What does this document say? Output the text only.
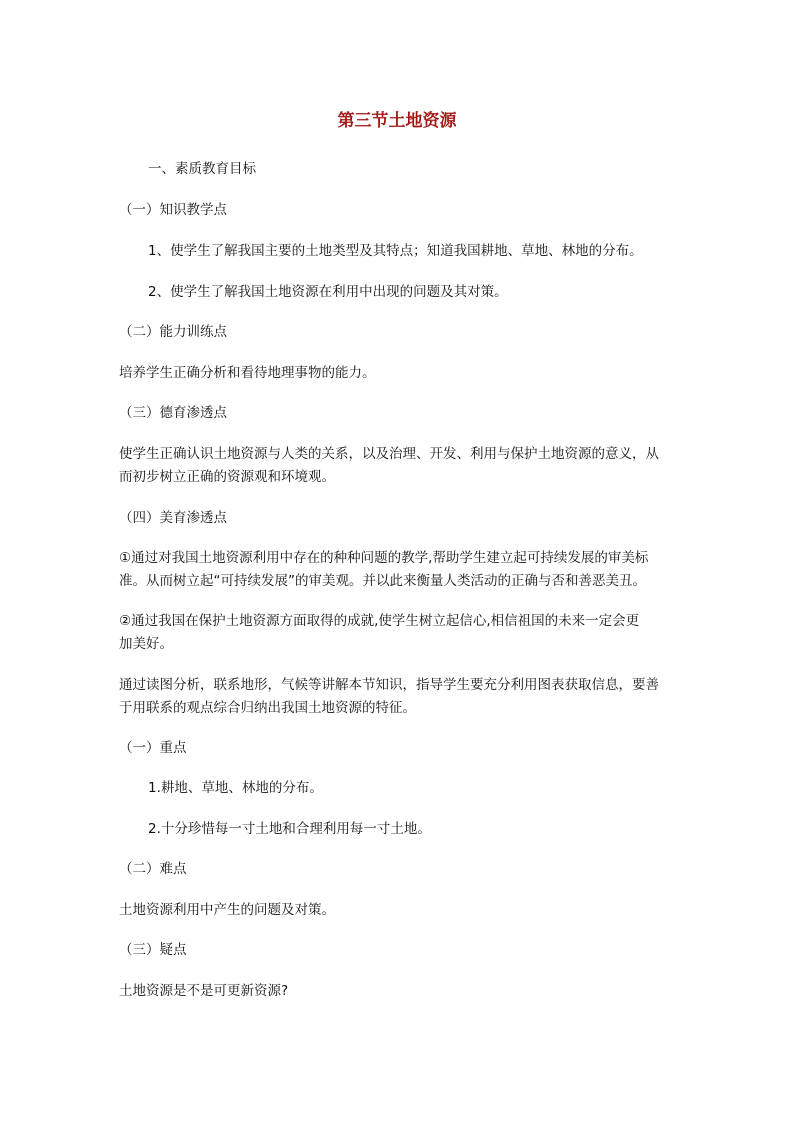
第三节土地资源

一、素质教育目标

（一）知识教学点

1、使学生了解我国主要的土地类型及其特点；知道我国耕地、草地、林地的分布。

2、使学生了解我国土地资源在利用中出现的问题及其对策。

（二）能力训练点

培养学生正确分析和看待地理事物的能力。

（三）德育渗透点

使学生正确认识土地资源与人类的关系，以及治理、开发、利用与保护土地资源的意义，从

而初步树立正确的资源观和环境观。

（四）美育渗透点

①通过对我国土地资源利用中存在的种种问题的教学,帮助学生建立起可持续发展的审美标

准。从而树立起“可持续发展”的审美观。并以此来衡量人类活动的正确与否和善恶美丑。

②通过我国在保护土地资源方面取得的成就,使学生树立起信心,相信祖国的未来一定会更

加美好。

通过读图分析，联系地形，气候等讲解本节知识，指导学生要充分利用图表获取信息，要善

于用联系的观点综合归纳出我国土地资源的特征。

（一）重点

1.耕地、草地、林地的分布。

2.十分珍惜每一寸土地和合理利用每一寸土地。

（二）难点

土地资源利用中产生的问题及对策。

（三）疑点

土地资源是不是可更新资源?
